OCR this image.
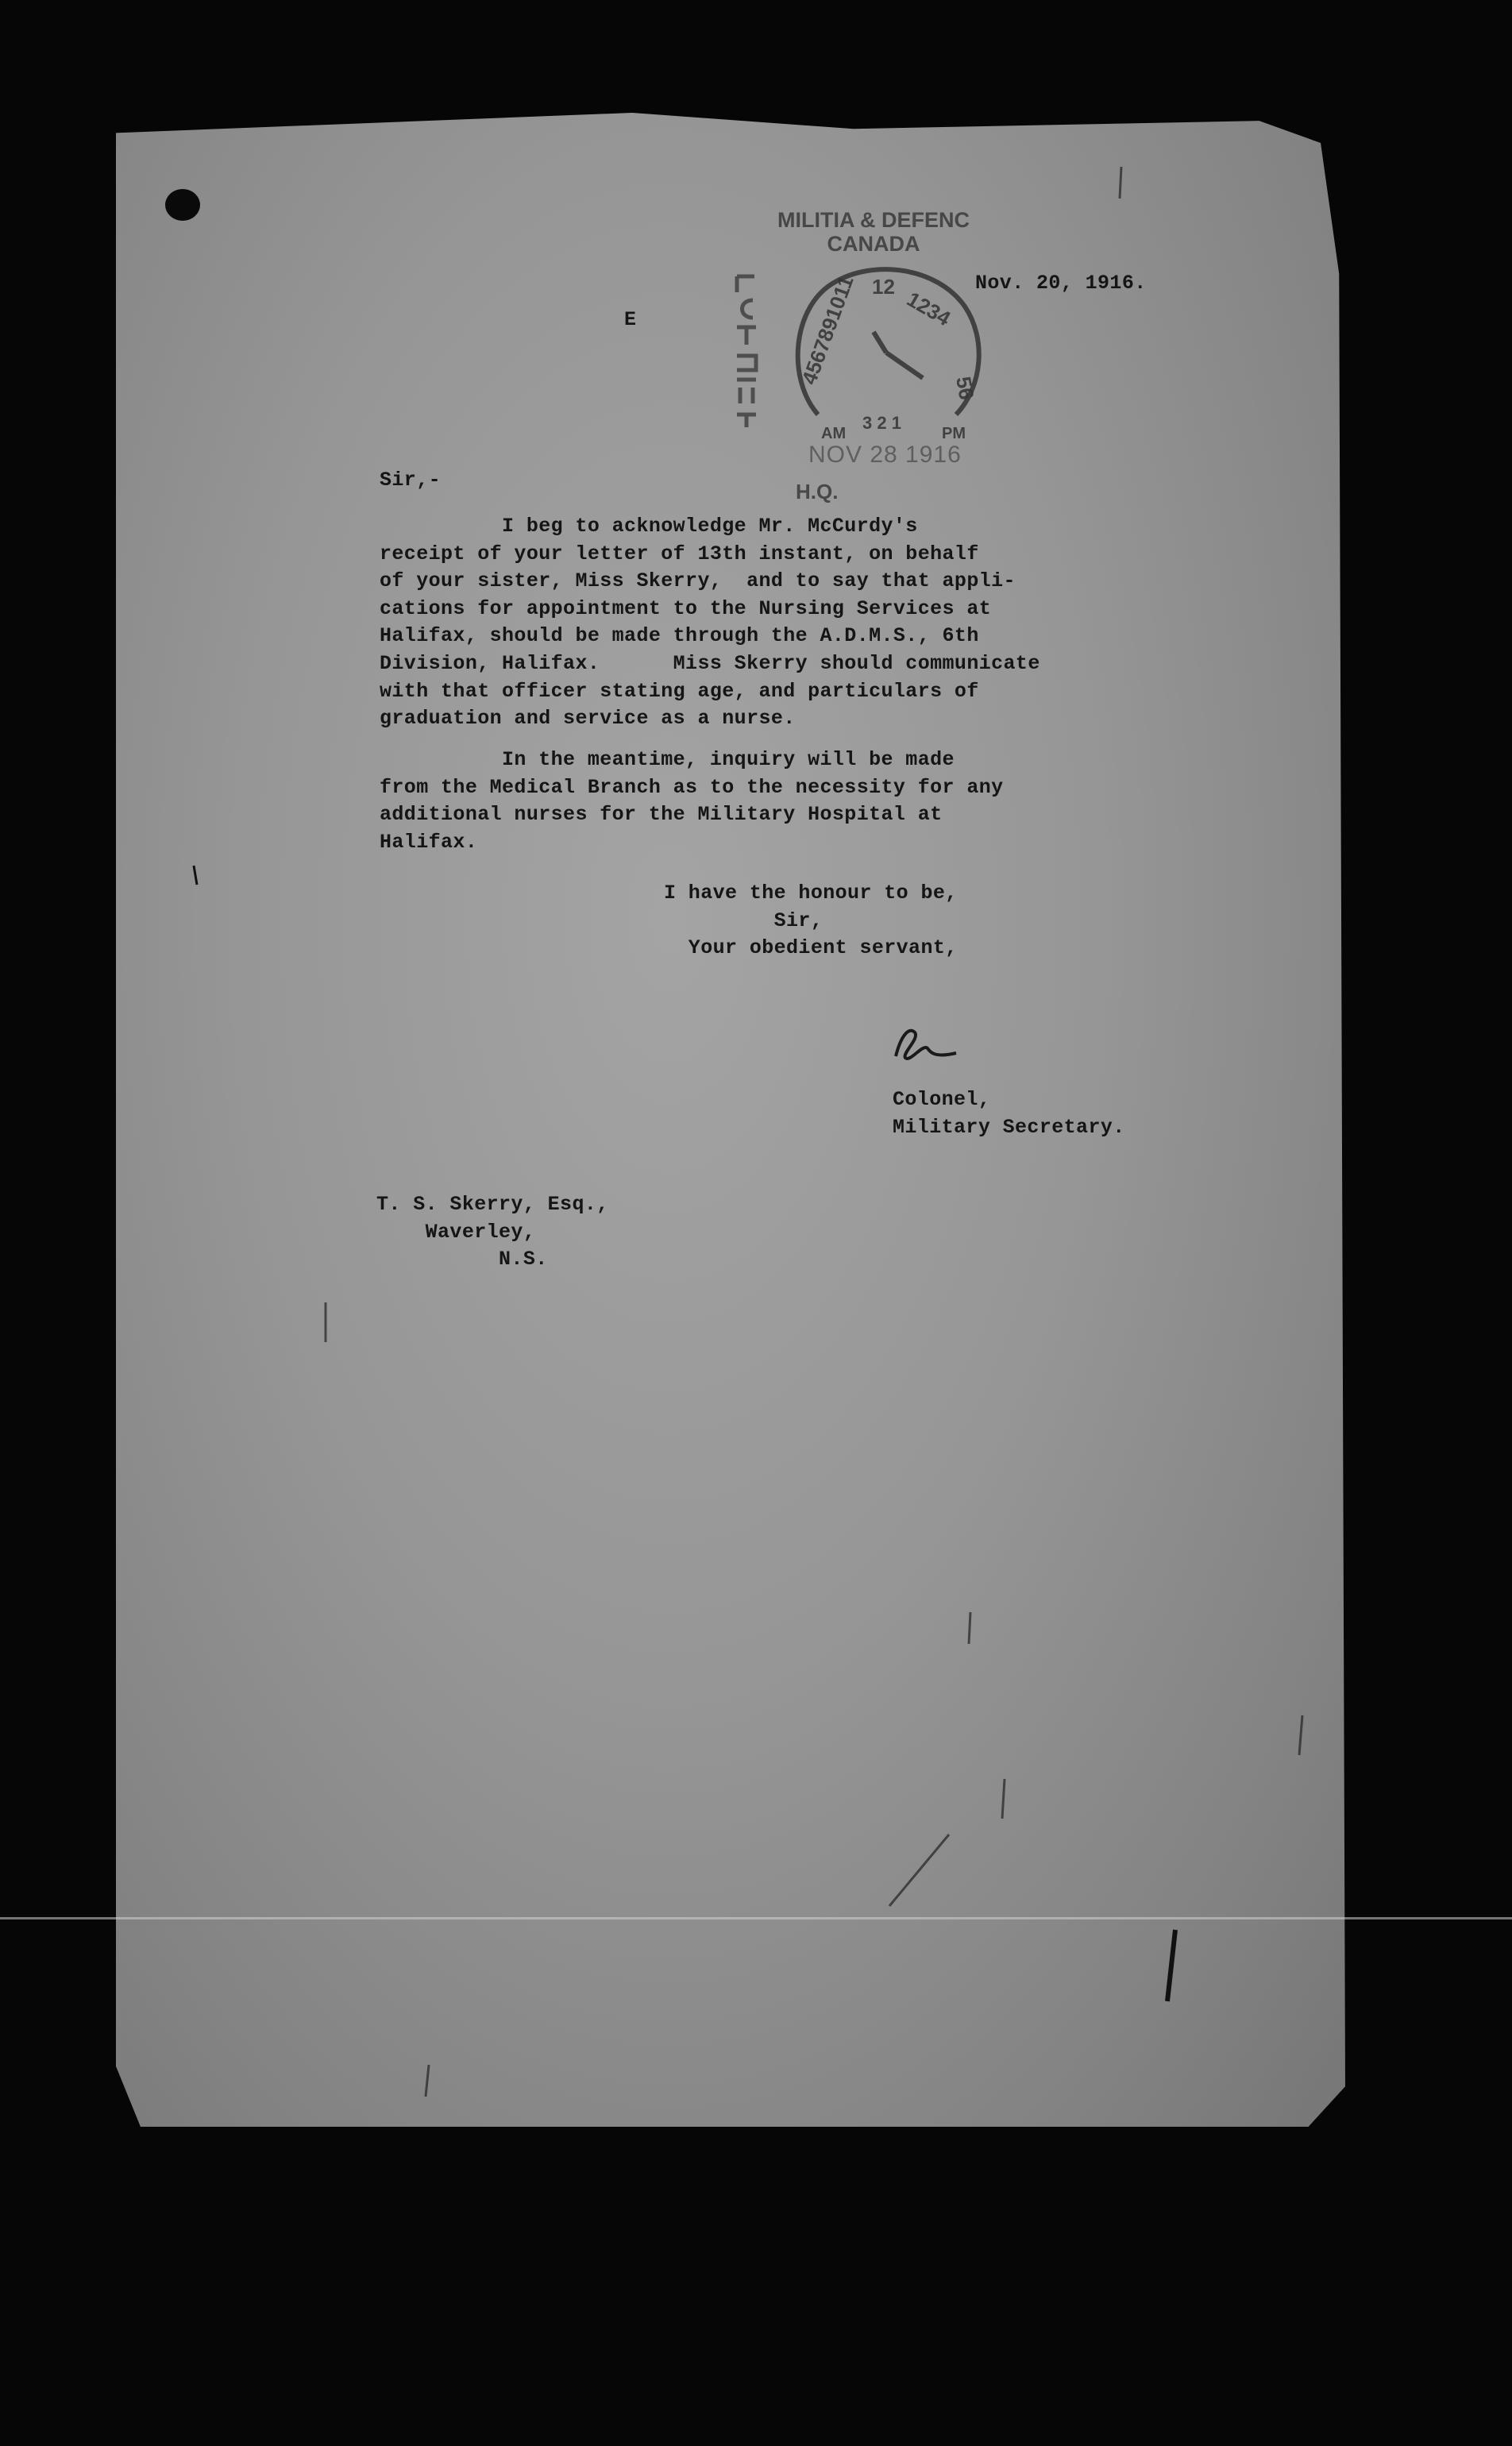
MILITIA & DEFENC
CANADA
4567891011 12
1234
56
AM	PM
3 2 1
NOV 28 1916
H.Q.

Nov. 20, 1916.

E

Sir,-

I beg to acknowledge Mr. McCurdy's
receipt of your letter of 13th instant, on behalf
of your sister, Miss Skerry,  and to say that appli-
cations for appointment to the Nursing Services at
Halifax, should be made through the A.D.M.S., 6th
Division, Halifax.      Miss Skerry should communicate
with that officer stating age, and particulars of
graduation and service as a nurse.

In the meantime, inquiry will be made
from the Medical Branch as to the necessity for any
additional nurses for the Military Hospital at
Halifax.

I have the honour to be,
Sir,
Your obedient servant,

Colonel,
Military Secretary.

T. S. Skerry, Esq.,
Waverley,
N.S.
